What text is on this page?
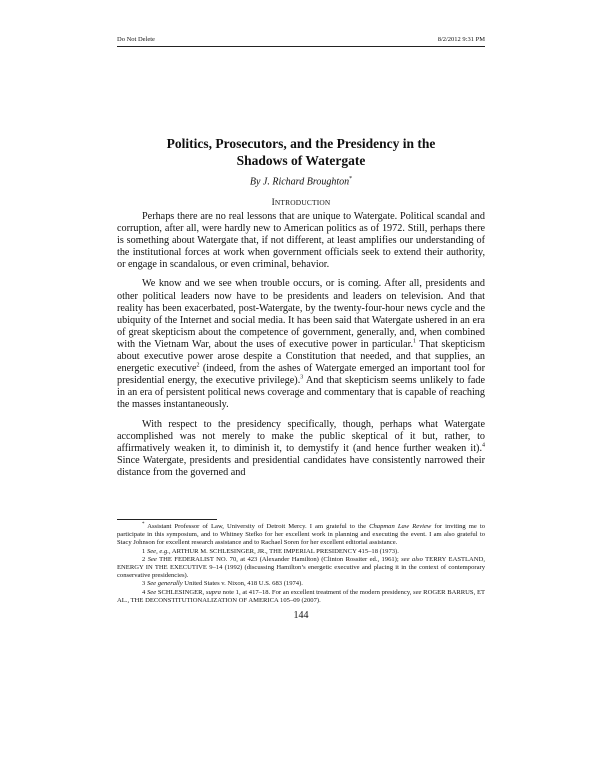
Do Not Delete	8/2/2012 9:31 PM
Politics, Prosecutors, and the Presidency in the
Shadows of Watergate
By J. Richard Broughton*
INTRODUCTION

Perhaps there are no real lessons that are unique to Watergate. Political scandal and corruption, after all, were hardly new to American politics as of 1972. Still, perhaps there is something about Watergate that, if not different, at least amplifies our understanding of the institutional forces at work when government officials seek to extend their authority, or engage in scandalous, or even criminal, behavior.

We know and we see when trouble occurs, or is coming. After all, presidents and other political leaders now have to be presidents and leaders on television. And that reality has been exacerbated, post-Watergate, by the twenty-four-hour news cycle and the ubiquity of the Internet and social media. It has been said that Watergate ushered in an era of great skepticism about the competence of government, generally, and, when combined with the Vietnam War, about the uses of executive power in particular.$^1$ That skepticism about executive power arose despite a Constitution that needed, and that supplies, an energetic executive$^2$ (indeed, from the ashes of Watergate emerged an important tool for presidential energy, the executive privilege).$^3$ And that skepticism seems unlikely to fade in an era of persistent political news coverage and commentary that is capable of reaching the masses instantaneously.

With respect to the presidency specifically, though, perhaps what Watergate accomplished was not merely to make the public skeptical of it but, rather, to affirmatively weaken it, to diminish it, to demystify it (and hence further weaken it).$^4$ Since Watergate, presidents and presidential candidates have consistently narrowed their distance from the governed and

* Assistant Professor of Law, University of Detroit Mercy. I am grateful to the Chapman Law Review for inviting me to participate in this symposium, and to Whitney Stefko for her excellent work in planning and executing the event. I am also grateful to Stacy Johnson for excellent research assistance and to Rachael Soren for her excellent editorial assistance.

1 See, e.g., ARTHUR M. SCHLESINGER, JR., THE IMPERIAL PRESIDENCY 415–18 (1973).

2 See THE FEDERALIST NO. 70, at 423 (Alexander Hamilton) (Clinton Rossiter ed., 1961); see also TERRY EASTLAND, ENERGY IN THE EXECUTIVE 9–14 (1992) (discussing Hamilton’s energetic executive and placing it in the context of contemporary conservative presidencies).

3 See generally United States v. Nixon, 418 U.S. 683 (1974).

4 See SCHLESINGER, supra note 1, at 417–18. For an excellent treatment of the modern presidency, see ROGER BARRUS, ET AL., THE DECONSTITUTIONALIZATION OF AMERICA 105–09 (2007).

144
